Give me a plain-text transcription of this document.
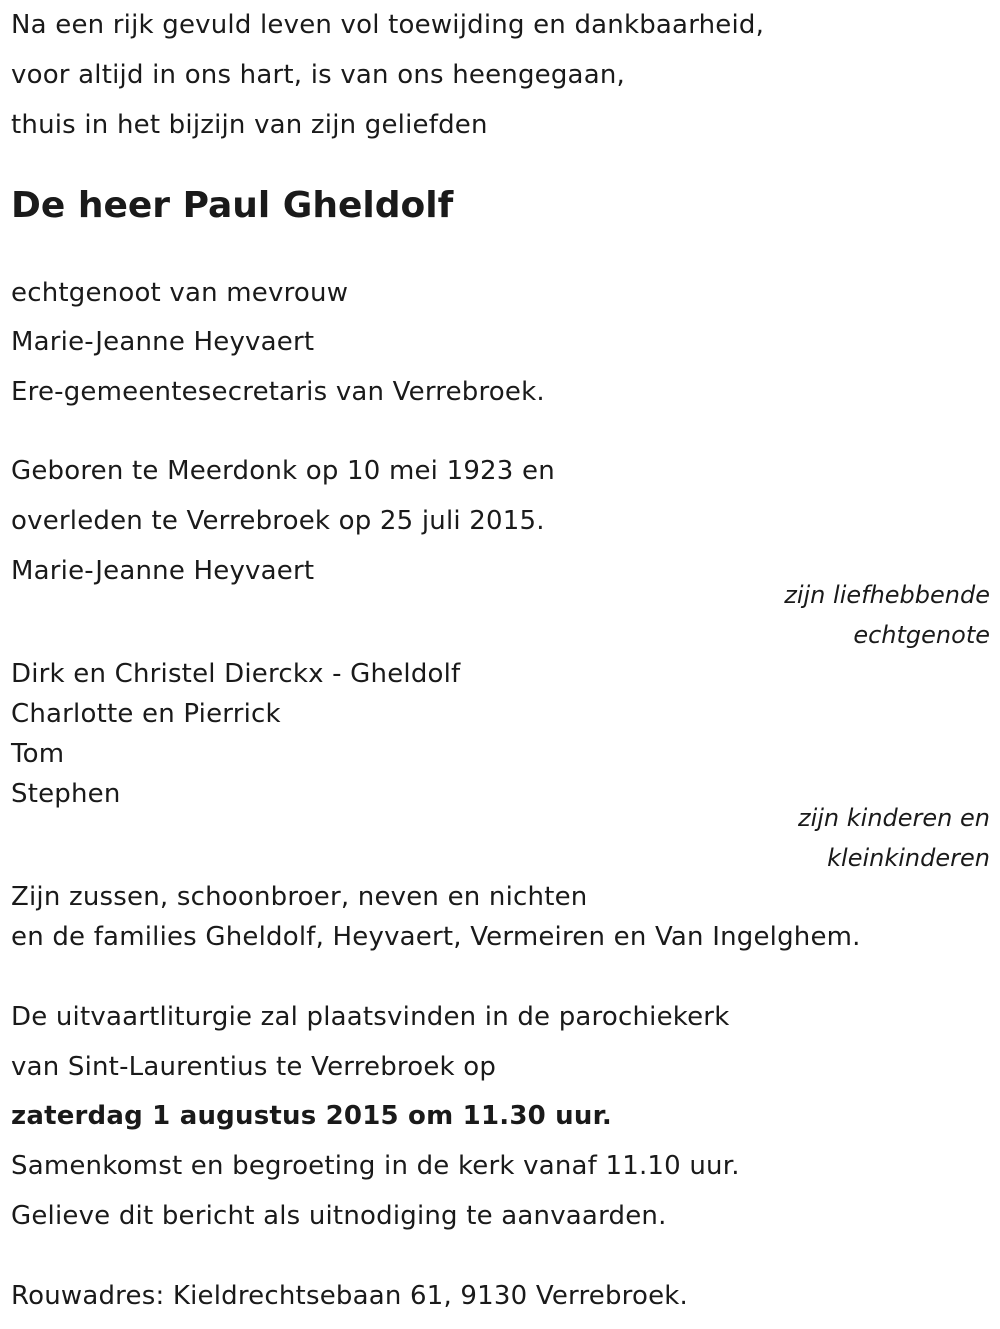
Na een rijk gevuld leven vol toewijding en dankbaarheid,
voor altijd in ons hart, is van ons heengegaan,
thuis in het bijzijn van zijn geliefden
De heer Paul Gheldolf
echtgenoot van mevrouw
Marie-Jeanne Heyvaert
Ere-gemeentesecretaris van Verrebroek.
Geboren te Meerdonk op 10 mei 1923 en
overleden te Verrebroek op 25 juli 2015.
Marie-Jeanne Heyvaert
zijn liefhebbende
echtgenote
Dirk en Christel Dierckx - Gheldolf
Charlotte en Pierrick
Tom
Stephen
zijn kinderen en
kleinkinderen
Zijn zussen, schoonbroer, neven en nichten
en de families Gheldolf, Heyvaert, Vermeiren en Van Ingelghem.
De uitvaartliturgie zal plaatsvinden in de parochiekerk
van Sint-Laurentius te Verrebroek op
zaterdag 1 augustus 2015 om 11.30 uur.
Samenkomst en begroeting in de kerk vanaf 11.10 uur.
Gelieve dit bericht als uitnodiging te aanvaarden.
Rouwadres: Kieldrechtsebaan 61, 9130 Verrebroek.
